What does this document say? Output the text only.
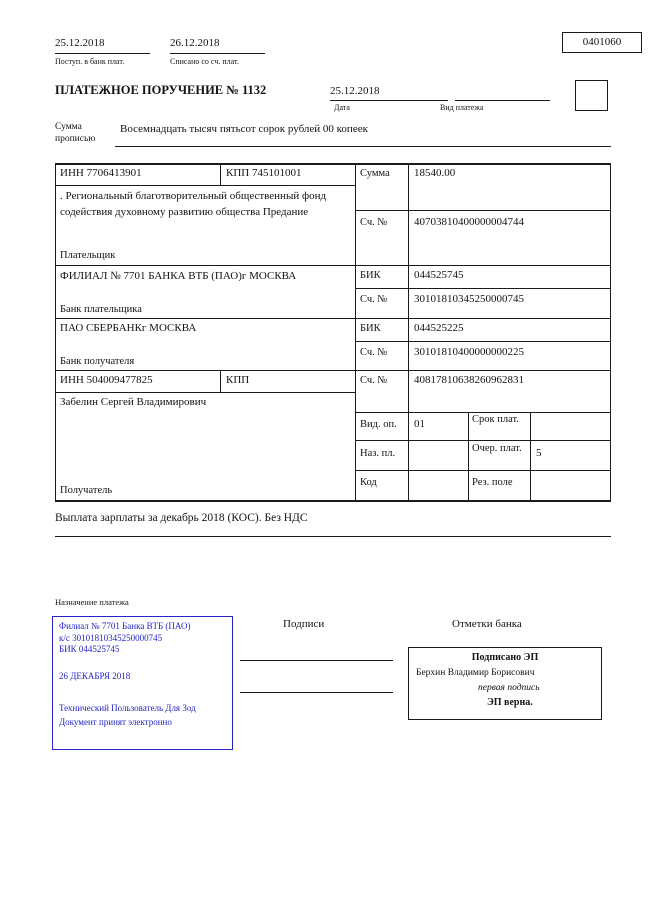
25.12.2018
Поступ. в банк плат.
26.12.2018
Списано со сч. плат.
0401060
ПЛАТЕЖНОЕ ПОРУЧЕНИЕ № 1132	25.12.2018
Дата	Вид платежа
Сумма прописью
Восемнадцать тысяч пятьсот сорок рублей 00 копеек
ИНН 7706413901	КПП 745101001	Сумма 18540.00
. Региональный благотворительный общественный фонд содействия духовному развитию общества Предание
Сч. № 40703810400000004744
Плательщик
ФИЛИАЛ № 7701 БАНКА ВТБ (ПАО)г МОСКВА	БИК	044525745
Сч. № 30101810345250000745
Банк плательщика
ПАО СБЕРБАНКг МОСКВА	БИК	044525225
Сч. № 30101810400000000225
Банк получателя
ИНН 504009477825	КПП	Сч. № 40817810638260962831
Забелин Сергей Владимирович
Получатель
Вид. оп. 01	Срок плат.
Наз. пл.	Очер. плат. 5
Код	Рез. поле
Выплата зарплаты за декабрь 2018 (КОС). Без НДС
Назначение платежа
Филиал № 7701 Банка ВТБ (ПАО)
к/с 30101810345250000745
БИК 044525745
26 ДЕКАБРЯ 2018
Технический Пользователь Для Зод
Документ принят электронно
Подписи	Отметки банка
Подписано ЭП
Берхин Владимир Борисович
первая подпись
ЭП верна.
